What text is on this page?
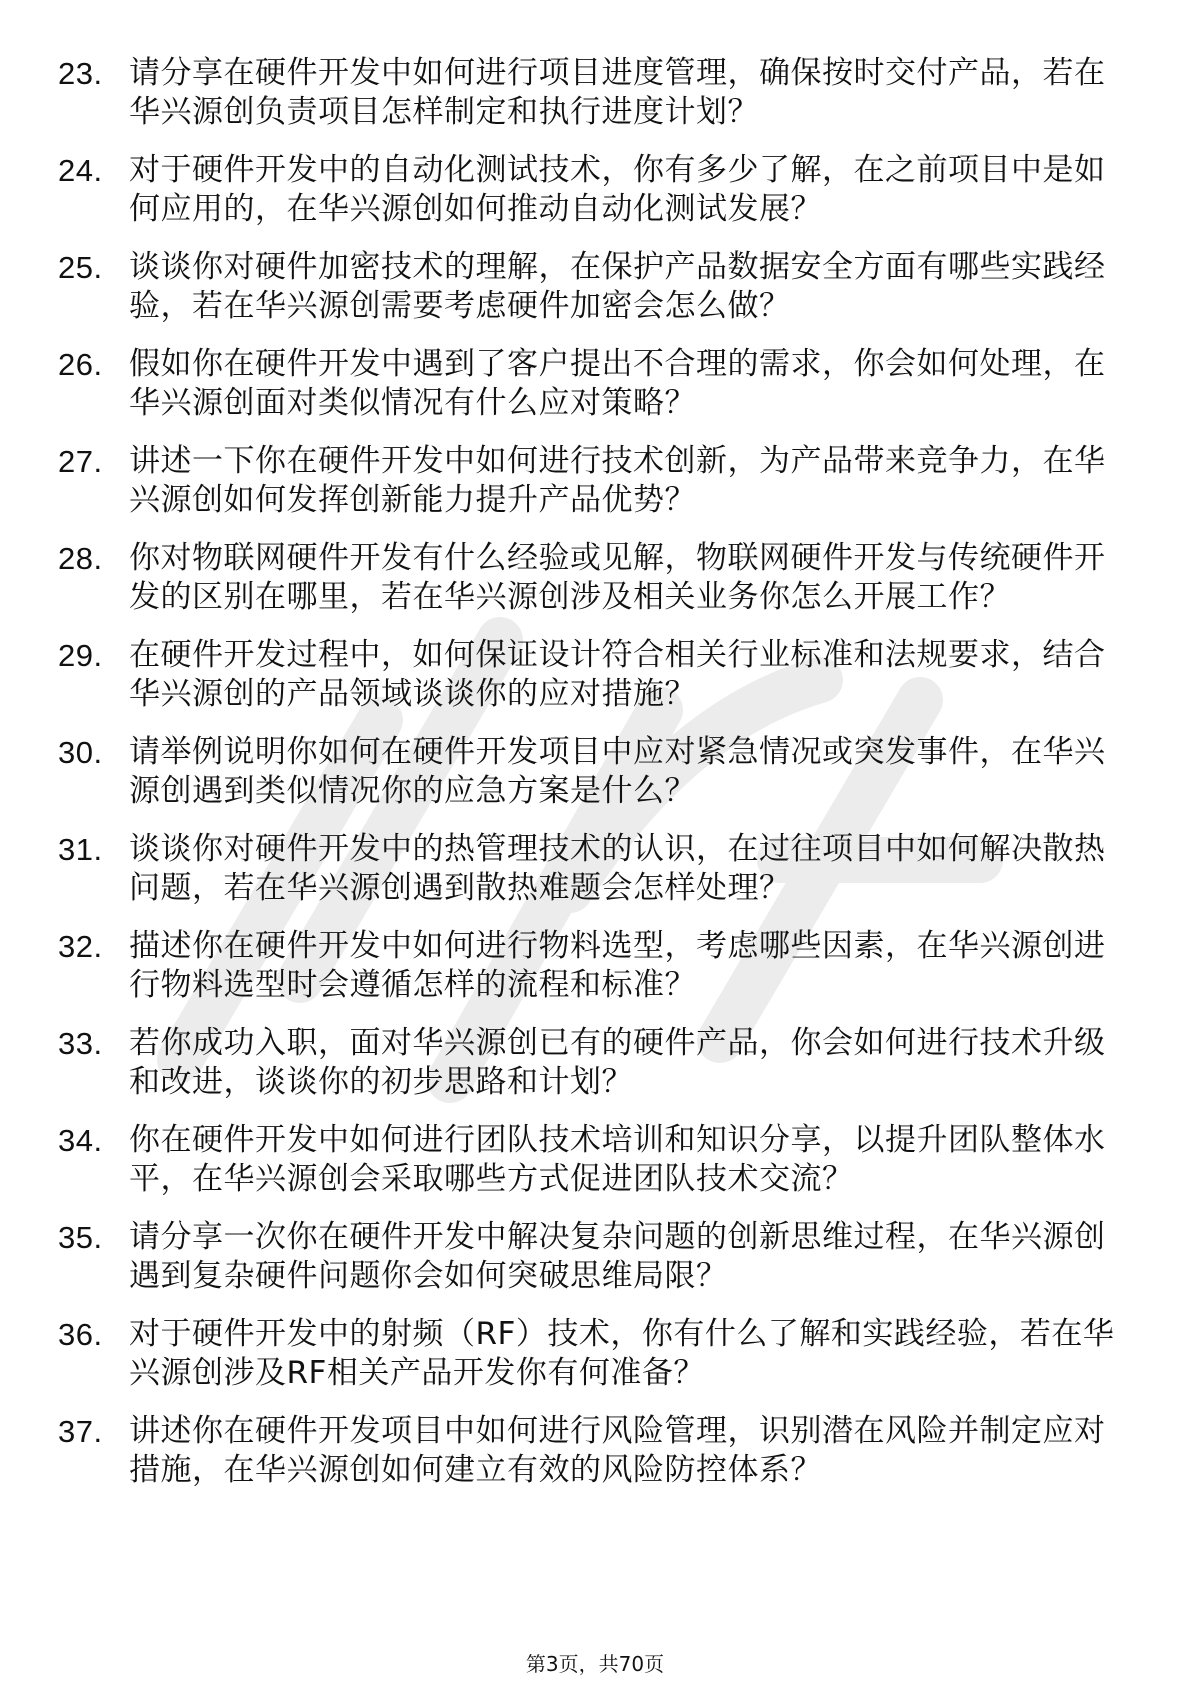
23. 请分享在硬件开发中如何进行项目进度管理，确保按时交付产品，若在华兴源创负责项目怎样制定和执行进度计划？
24. 对于硬件开发中的自动化测试技术，你有多少了解，在之前项目中是如何应用的，在华兴源创如何推动自动化测试发展？
25. 谈谈你对硬件加密技术的理解，在保护产品数据安全方面有哪些实践经验，若在华兴源创需要考虑硬件加密会怎么做？
26. 假如你在硬件开发中遇到了客户提出不合理的需求，你会如何处理，在华兴源创面对类似情况有什么应对策略？
27. 讲述一下你在硬件开发中如何进行技术创新，为产品带来竞争力，在华兴源创如何发挥创新能力提升产品优势？
28. 你对物联网硬件开发有什么经验或见解，物联网硬件开发与传统硬件开发的区别在哪里，若在华兴源创涉及相关业务你怎么开展工作？
29. 在硬件开发过程中，如何保证设计符合相关行业标准和法规要求，结合华兴源创的产品领域谈谈你的应对措施？
30. 请举例说明你如何在硬件开发项目中应对紧急情况或突发事件，在华兴源创遇到类似情况你的应急方案是什么？
31. 谈谈你对硬件开发中的热管理技术的认识，在过往项目中如何解决散热问题，若在华兴源创遇到散热难题会怎样处理？
32. 描述你在硬件开发中如何进行物料选型，考虑哪些因素，在华兴源创进行物料选型时会遵循怎样的流程和标准？
33. 若你成功入职，面对华兴源创已有的硬件产品，你会如何进行技术升级和改进，谈谈你的初步思路和计划？
34. 你在硬件开发中如何进行团队技术培训和知识分享，以提升团队整体水平，在华兴源创会采取哪些方式促进团队技术交流？
35. 请分享一次你在硬件开发中解决复杂问题的创新思维过程，在华兴源创遇到复杂硬件问题你会如何突破思维局限？
36. 对于硬件开发中的射频（RF）技术，你有什么了解和实践经验，若在华兴源创涉及RF相关产品开发你有何准备？
37. 讲述你在硬件开发项目中如何进行风险管理，识别潜在风险并制定应对措施，在华兴源创如何建立有效的风险防控体系？
第3页，共70页
